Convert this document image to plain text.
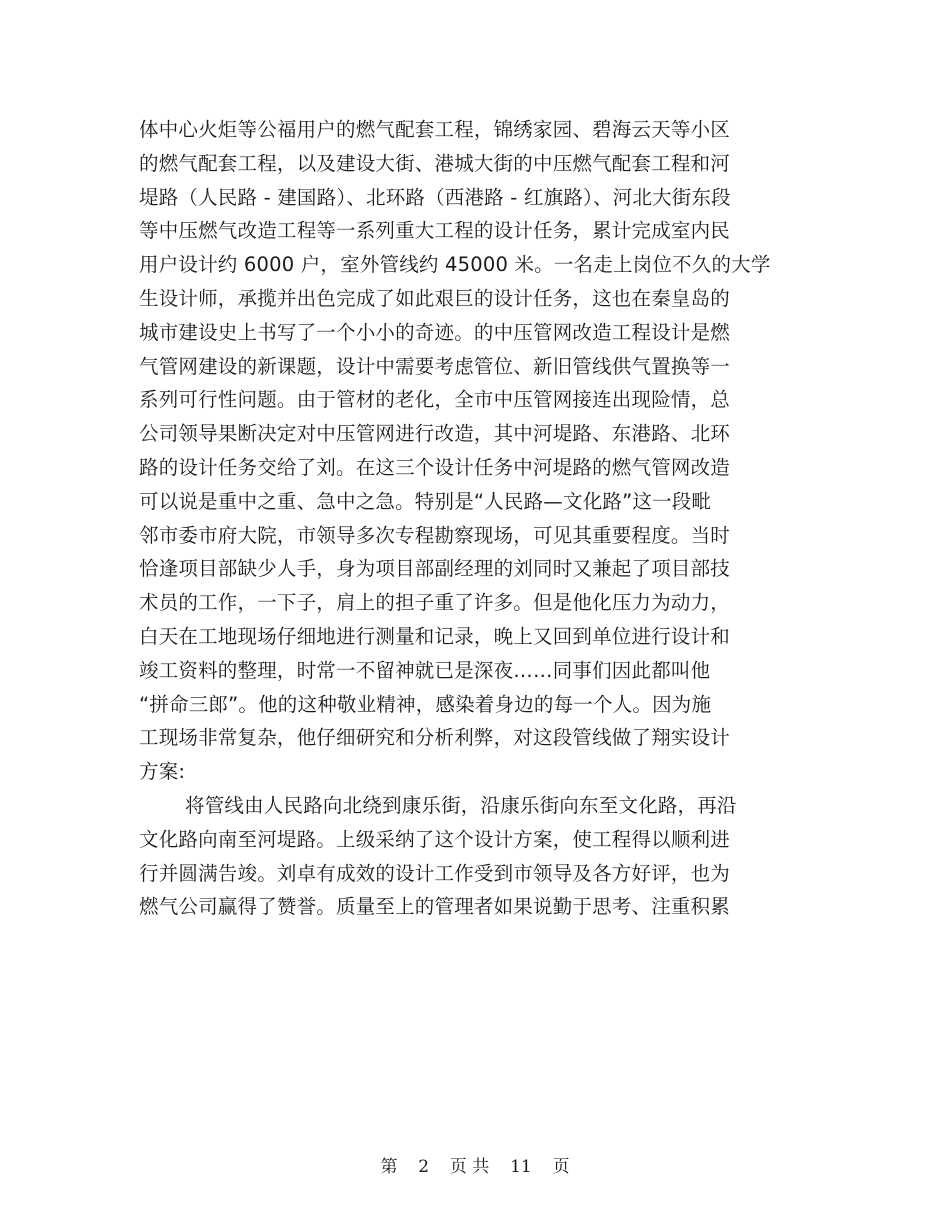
体中心火炬等公福用户的燃气配套工程，锦绣家园、碧海云天等小区
的燃气配套工程，以及建设大街、港城大街的中压燃气配套工程和河
堤路（人民路 - 建国路）、北环路（西港路 - 红旗路）、河北大街东段
等中压燃气改造工程等一系列重大工程的设计任务，累计完成室内民
用户设计约 6000 户，室外管线约 45000 米。一名走上岗位不久的大学
生设计师，承揽并出色完成了如此艰巨的设计任务，这也在秦皇岛的
城市建设史上书写了一个小小的奇迹。的中压管网改造工程设计是燃
气管网建设的新课题，设计中需要考虑管位、新旧管线供气置换等一
系列可行性问题。由于管材的老化，全市中压管网接连出现险情，总
公司领导果断决定对中压管网进行改造，其中河堤路、东港路、北环
路的设计任务交给了刘。在这三个设计任务中河堤路的燃气管网改造
可以说是重中之重、急中之急。特别是“人民路—文化路”这一段毗
邻市委市府大院，市领导多次专程勘察现场，可见其重要程度。当时
恰逢项目部缺少人手，身为项目部副经理的刘同时又兼起了项目部技
术员的工作，一下子，肩上的担子重了许多。但是他化压力为动力，
白天在工地现场仔细地进行测量和记录，晚上又回到单位进行设计和
竣工资料的整理，时常一不留神就已是深夜……同事们因此都叫他
“拼命三郎”。他的这种敬业精神，感染着身边的每一个人。因为施
工现场非常复杂，他仔细研究和分析利弊，对这段管线做了翔实设计
方案:
将管线由人民路向北绕到康乐街，沿康乐街向东至文化路，再沿
文化路向南至河堤路。上级采纳了这个设计方案，使工程得以顺利进
行并圆满告竣。刘卓有成效的设计工作受到市领导及各方好评，也为
燃气公司赢得了赞誉。质量至上的管理者如果说勤于思考、注重积累
第 2 页 共 11 页
